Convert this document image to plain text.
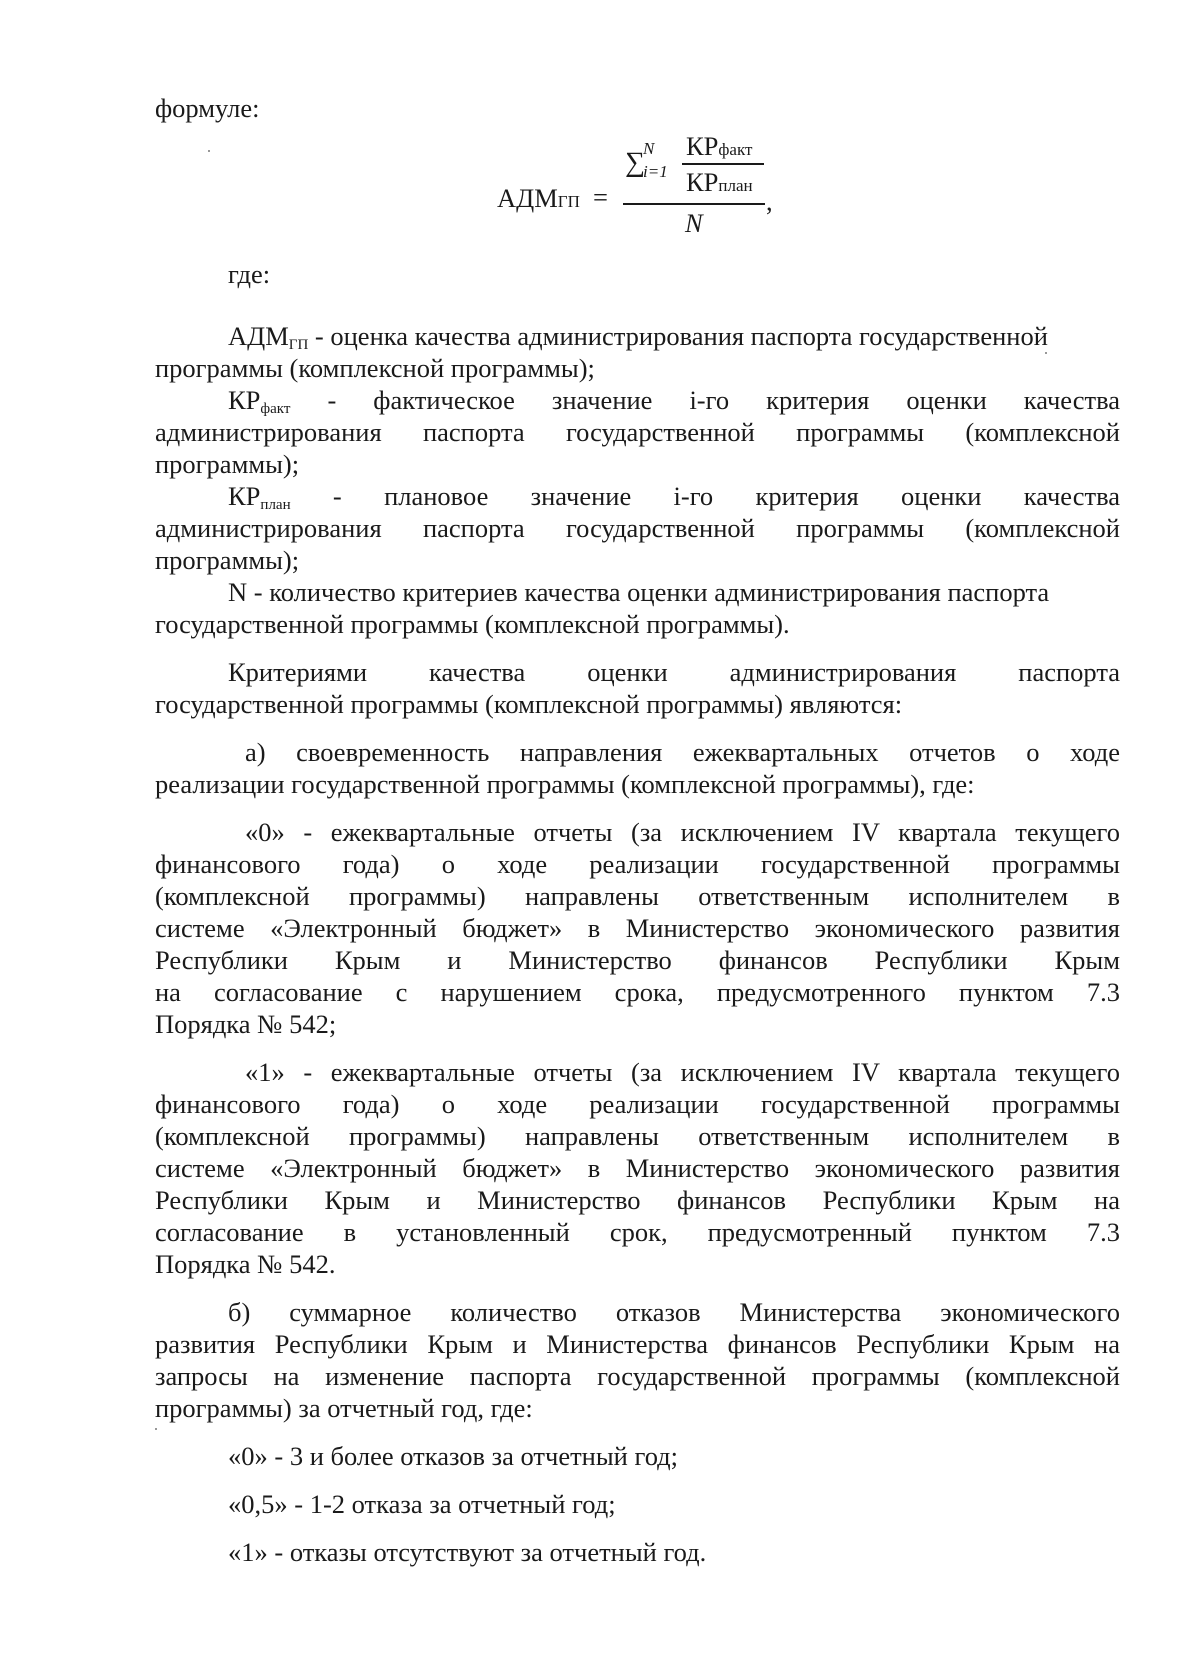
формуле:
АДМГП =
∑
N
i=1
КРфакт
КРплан
N
,
где:
$АДМ_{ГП}$ - оценка качества администрирования паспорта государственной
программы (комплексной программы);
$КР_{факт}$ - фактическое значение i-го критерия оценки качества
администрирования паспорта государственной программы (комплексной
программы);
$КР_{план}$ - плановое значение i-го критерия оценки качества
администрирования паспорта государственной программы (комплексной
программы);
N - количество критериев качества оценки администрирования паспорта
государственной программы (комплексной программы).
Критериями качества оценки администрирования паспорта
государственной программы (комплексной программы) являются:
а) своевременность направления ежеквартальных отчетов о ходе
реализации государственной программы (комплексной программы), где:
«0» - ежеквартальные отчеты (за исключением IV квартала текущего
финансового года) о ходе реализации государственной программы
(комплексной программы) направлены ответственным исполнителем в
системе «Электронный бюджет» в Министерство экономического развития
Республики Крым и Министерство финансов Республики Крым
на согласование с нарушением срока, предусмотренного пунктом 7.3
Порядка № 542;
«1» - ежеквартальные отчеты (за исключением IV квартала текущего
финансового года) о ходе реализации государственной программы
(комплексной программы) направлены ответственным исполнителем в
системе «Электронный бюджет» в Министерство экономического развития
Республики Крым и Министерство финансов Республики Крым на
согласование в установленный срок, предусмотренный пунктом 7.3
Порядка № 542.
б) суммарное количество отказов Министерства экономического
развития Республики Крым и Министерства финансов Республики Крым на
запросы на изменение паспорта государственной программы (комплексной
программы) за отчетный год, где:
«0» - 3 и более отказов за отчетный год;
«0,5» - 1-2 отказа за отчетный год;
«1» - отказы отсутствуют за отчетный год.
